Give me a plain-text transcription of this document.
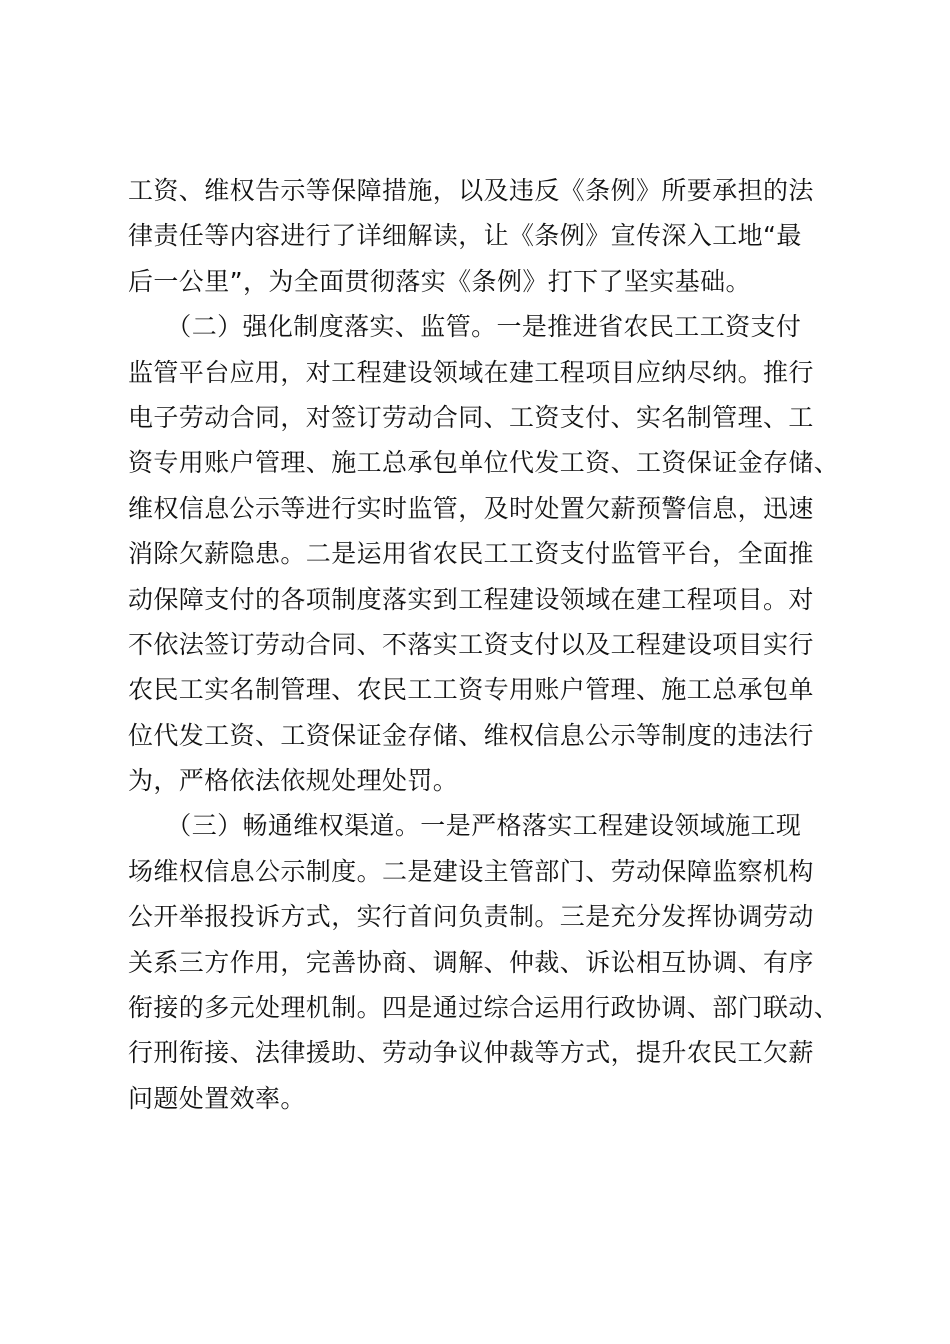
工资、维权告示等保障措施，以及违反《条例》所要承担的法
律责任等内容进行了详细解读，让《条例》宣传深入工地“最
后一公里”，为全面贯彻落实《条例》打下了坚实基础。
　　（二）强化制度落实、监管。一是推进省农民工工资支付
监管平台应用，对工程建设领域在建工程项目应纳尽纳。推行
电子劳动合同，对签订劳动合同、工资支付、实名制管理、工
资专用账户管理、施工总承包单位代发工资、工资保证金存储、
维权信息公示等进行实时监管，及时处置欠薪预警信息，迅速
消除欠薪隐患。二是运用省农民工工资支付监管平台，全面推
动保障支付的各项制度落实到工程建设领域在建工程项目。对
不依法签订劳动合同、不落实工资支付以及工程建设项目实行
农民工实名制管理、农民工工资专用账户管理、施工总承包单
位代发工资、工资保证金存储、维权信息公示等制度的违法行
为，严格依法依规处理处罚。
　　（三）畅通维权渠道。一是严格落实工程建设领域施工现
场维权信息公示制度。二是建设主管部门、劳动保障监察机构
公开举报投诉方式，实行首问负责制。三是充分发挥协调劳动
关系三方作用，完善协商、调解、仲裁、诉讼相互协调、有序
衔接的多元处理机制。四是通过综合运用行政协调、部门联动、
行刑衔接、法律援助、劳动争议仲裁等方式，提升农民工欠薪
问题处置效率。
